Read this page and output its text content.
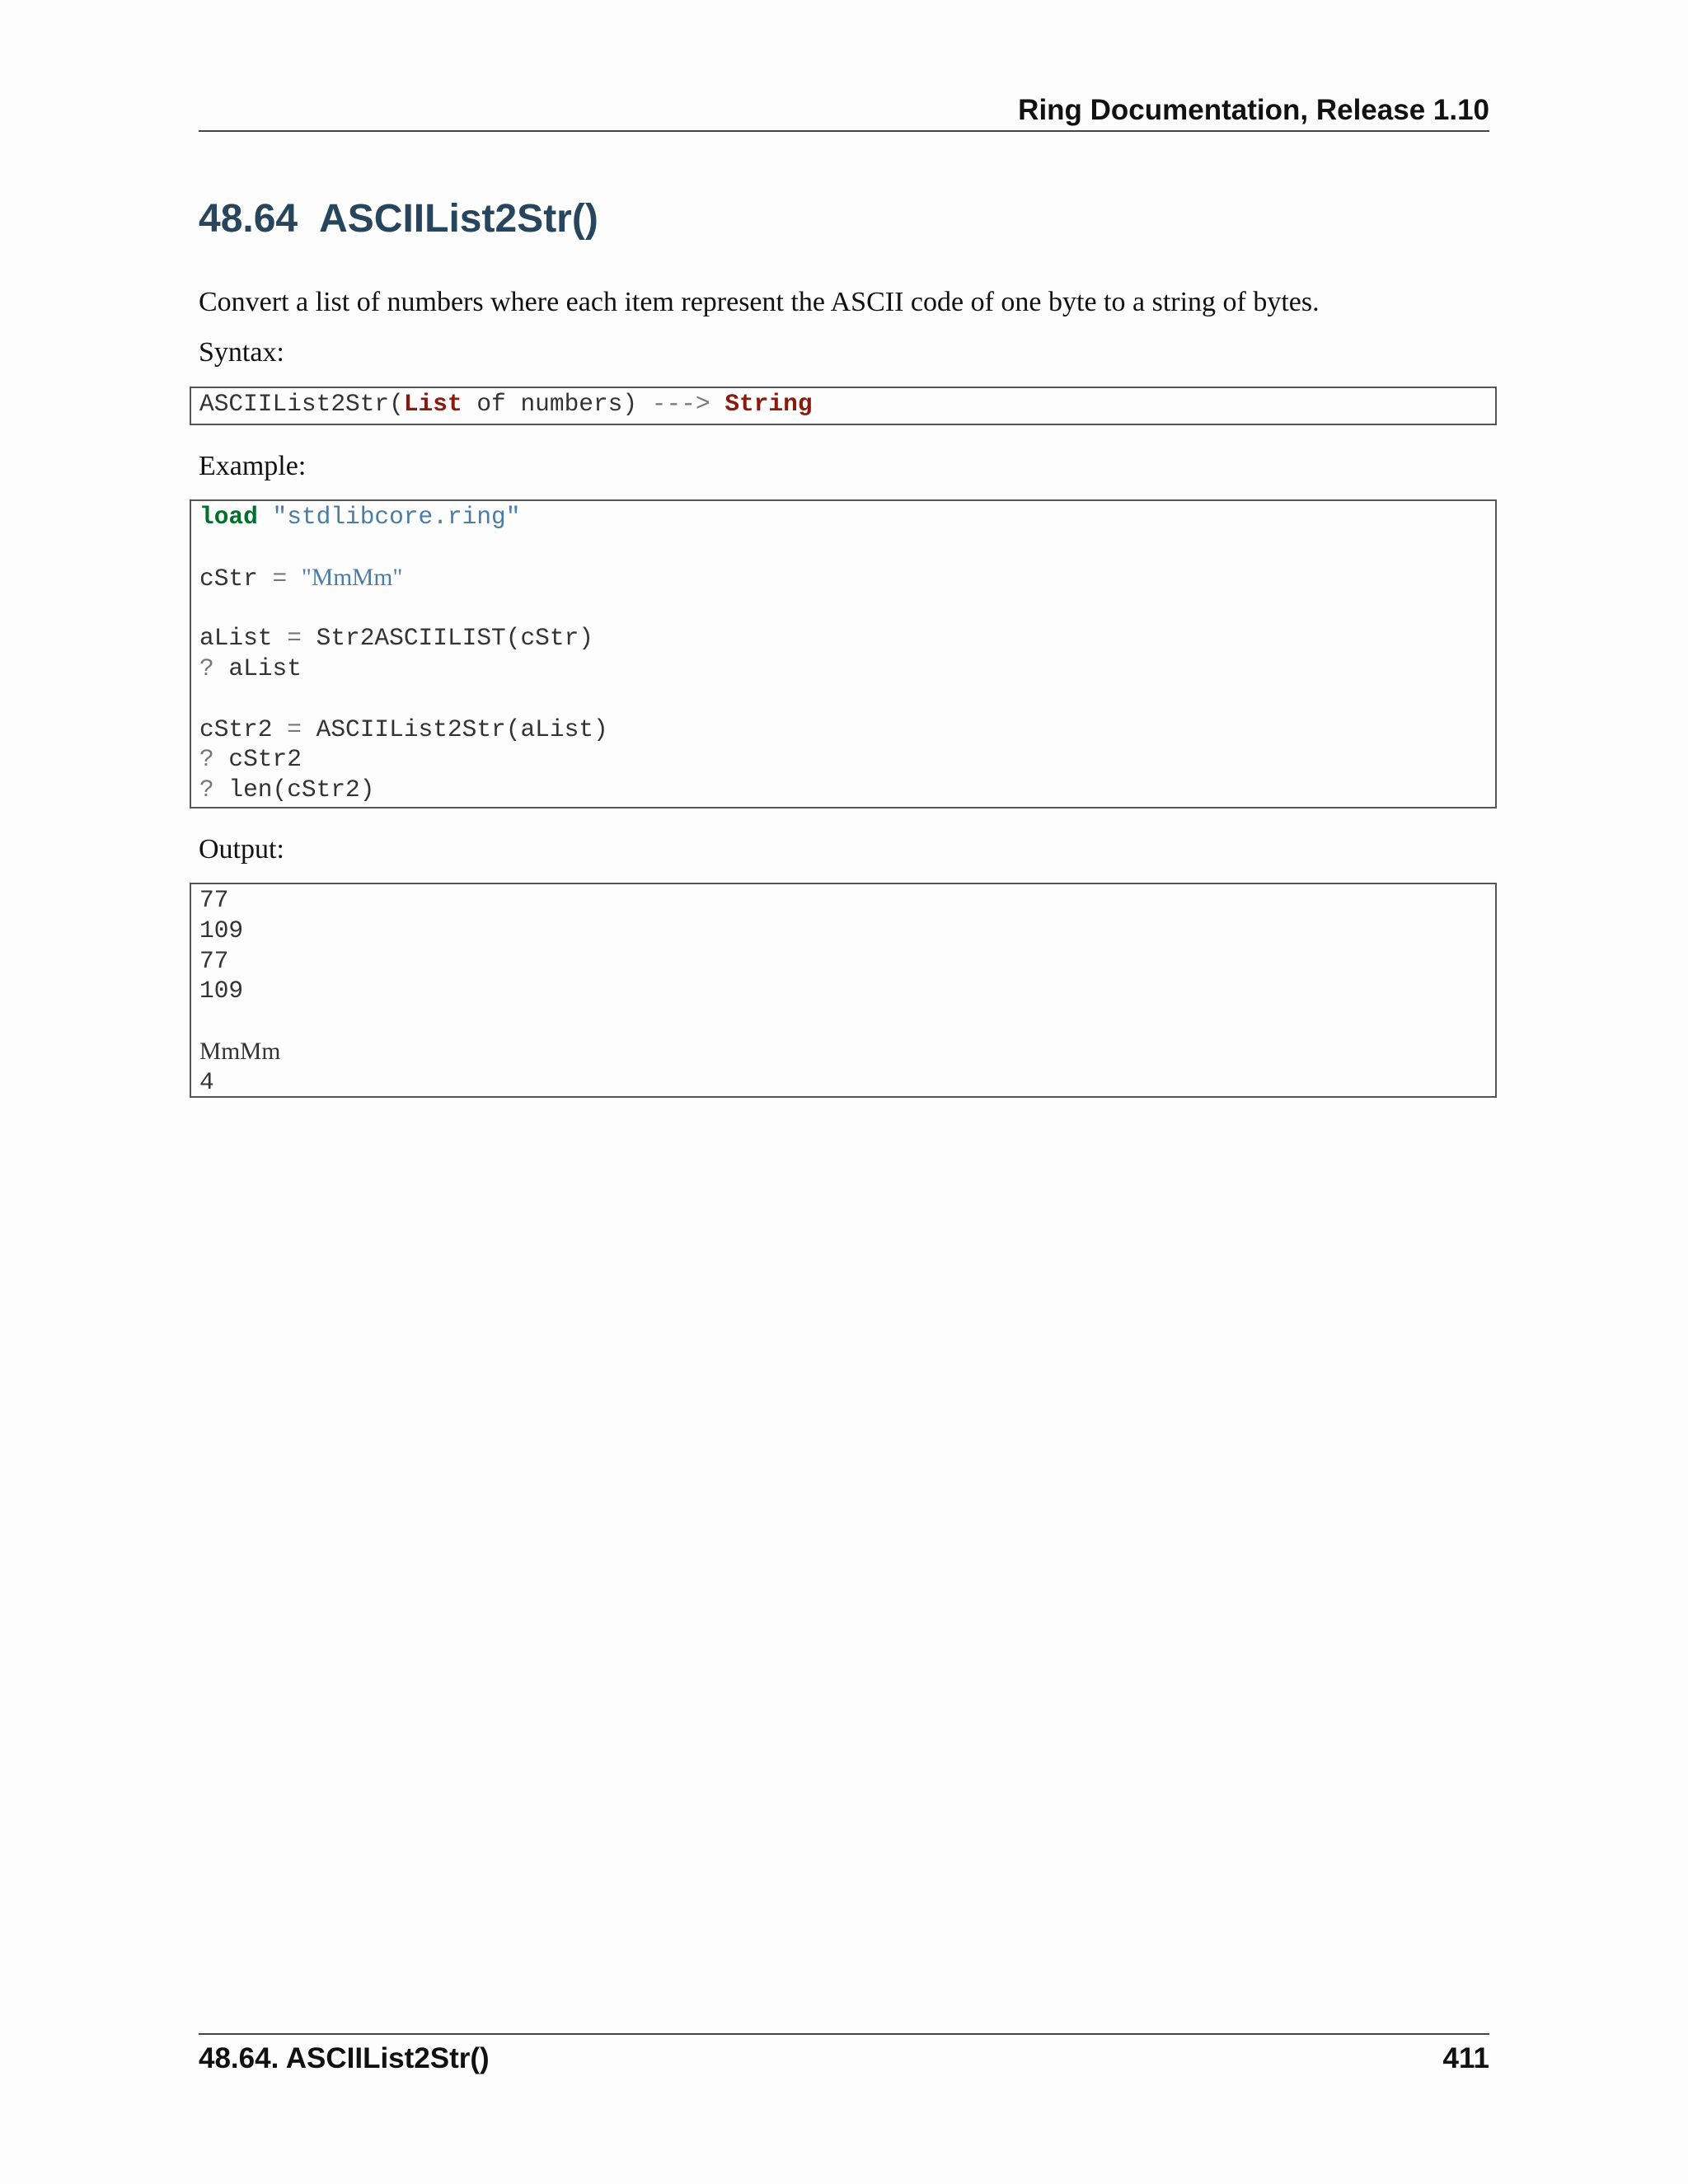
Ring Documentation, Release 1.10
48.64 ASCIIList2Str()

Convert a list of numbers where each item represent the ASCII code of one byte to a string of bytes.

Syntax:

ASCIIList2Str(List of numbers) ---> String

Example:

load "stdlibcore.ring"
cStr = "MmMm"
aList = Str2ASCIILIST(cStr)
? aList
cStr2 = ASCIIList2Str(aList)
? cStr2
? len(cStr2)

Output:

77
109
77
109
MmMm
4
48.64. ASCIIList2Str()	411
